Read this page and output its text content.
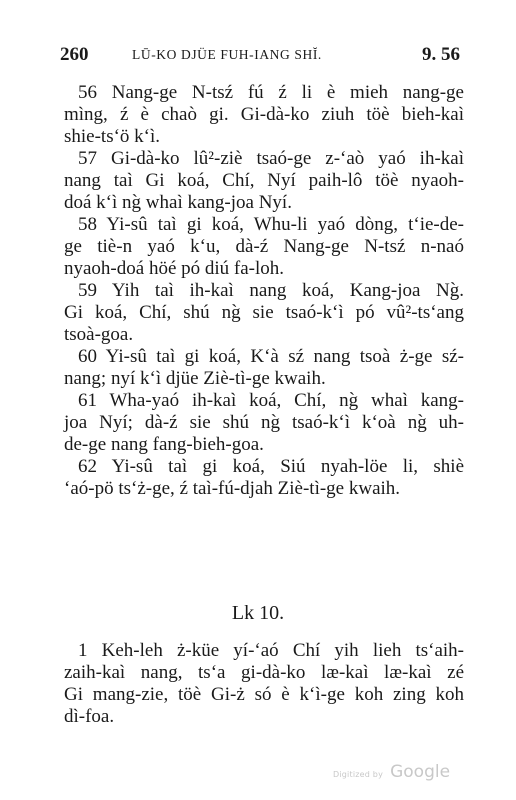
260	LŪ-KO DJÜE FUH-IANG SHĬ.	9. 56
56 Nang-ge N-tsź fú ź li è mieh nang-ge
mìng, ź è chaò gi. Gi-dà-ko ziuh töè bieh-kaì
shie-ts‘ö k‘ì.
57 Gi-dà-ko lû²-ziè tsaó-ge z-‘aò yaó ih-kaì
nang taì Gi koá, Chí, Nyí paih-lô töè nyaoh-
doá k‘ì ng̀ whaì kang-joa Nyí.
58 Yi-sû taì gi koá, Whu-li yaó dòng, t‘ie-de-
ge tiè-n yaó k‘u, dà-ź Nang-ge N-tsź n-naó
nyaoh-doá höé pó diú fa-loh.
59 Yih taì ih-kaì nang koá, Kang-joa Ng̀.
Gi koá, Chí, shú ng̀ sie tsaó-k‘ì pó vû²-ts‘ang
tsoà-goa.
60 Yi-sû taì gi koá, K‘à sź nang tsoà ż-ge sź-
nang; nyí k‘ì djüe Ziè-tì-ge kwaih.
61 Wha-yaó ih-kaì koá, Chí, ng̀ whaì kang-
joa Nyí; dà-ź sie shú ng̀ tsaó-k‘ì k‘oà ng̀ uh-
de-ge nang fang-bieh-goa.
62 Yi-sû taì gi koá, Siú nyah-löe li, shiè
‘aó-pö ts‘ż-ge, ź taì-fú-djah Ziè-tì-ge kwaih.
Lk 10.
1 Keh-leh ż-küe yí-‘aó Chí yih lieh ts‘aih-
zaih-kaì nang, ts‘a gi-dà-ko læ-kaì læ-kaì zé
Gi mang-zie, töè Gi-ż só è k‘ì-ge koh zing koh
dì-foa.
Digitized by Google
